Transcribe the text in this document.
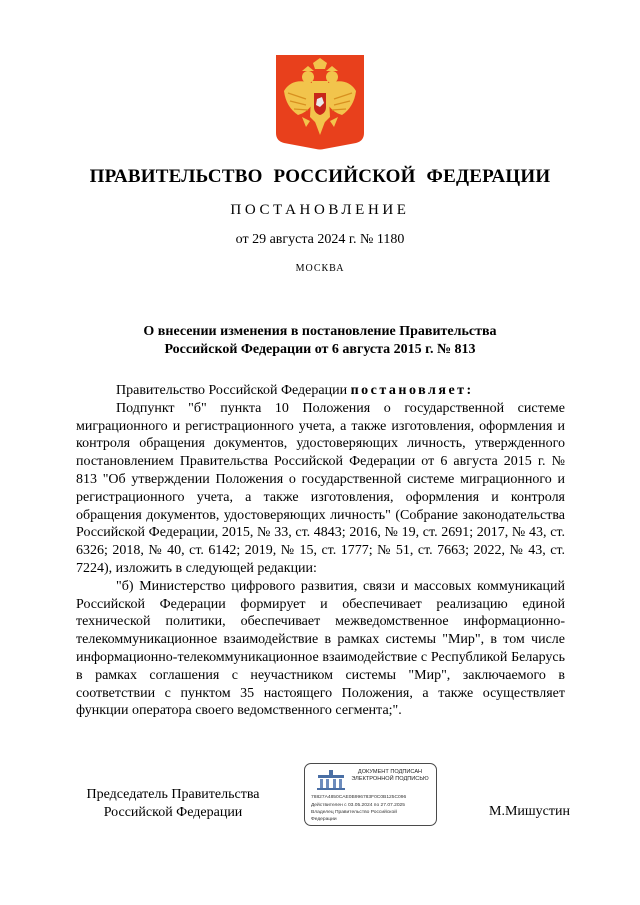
ПРАВИТЕЛЬСТВО РОССИЙСКОЙ ФЕДЕРАЦИИ
ПОСТАНОВЛЕНИЕ
от 29 августа 2024 г. № 1180
МОСКВА
О внесении изменения в постановление Правительства
Российской Федерации от 6 августа 2015 г. № 813

Правительство Российской Федерации постановляет:

Подпункт "б" пункта 10 Положения о государственной системе миграционного и регистрационного учета, а также изготовления, оформления и контроля обращения документов, удостоверяющих личность, утвержденного постановлением Правительства Российской Федерации от 6 августа 2015 г. № 813 "Об утверждении Положения о государственной системе миграционного и регистрационного учета, а также изготовления, оформления и контроля обращения документов, удостоверяющих личность" (Собрание законодательства Российской Федерации, 2015, № 33, ст. 4843; 2016, № 19, ст. 2691; 2017, № 43, ст. 6326; 2018, № 40, ст. 6142; 2019, № 15, ст. 1777; № 51, ст. 7663; 2022, № 43, ст. 7224), изложить в следующей редакции:

"б) Министерство цифрового развития, связи и массовых коммуникаций Российской Федерации формирует и обеспечивает реализацию единой технической политики, обеспечивает межведомственное информационно-телекоммуникационное взаимодействие в рамках системы "Мир", в том числе информационно-телекоммуникационное взаимодействие с Республикой Беларусь в рамках соглашения с неучастником системы "Мир", заключаемого в соответствии с пунктом 35 настоящего Положения, а также осуществляет функции оператора своего ведомственного сегмента;".

Председатель Правительства
Российской Федерации
ДОКУМЕНТ ПОДПИСАН
ЭЛЕКТРОННОЙ ПОДПИСЬЮ
78827A4850CAE0B996783F0C0B125C096
Действителен с 03.05.2024 по 27.07.2025
Владелец Правительство Российской
Федерации
М.Мишустин
